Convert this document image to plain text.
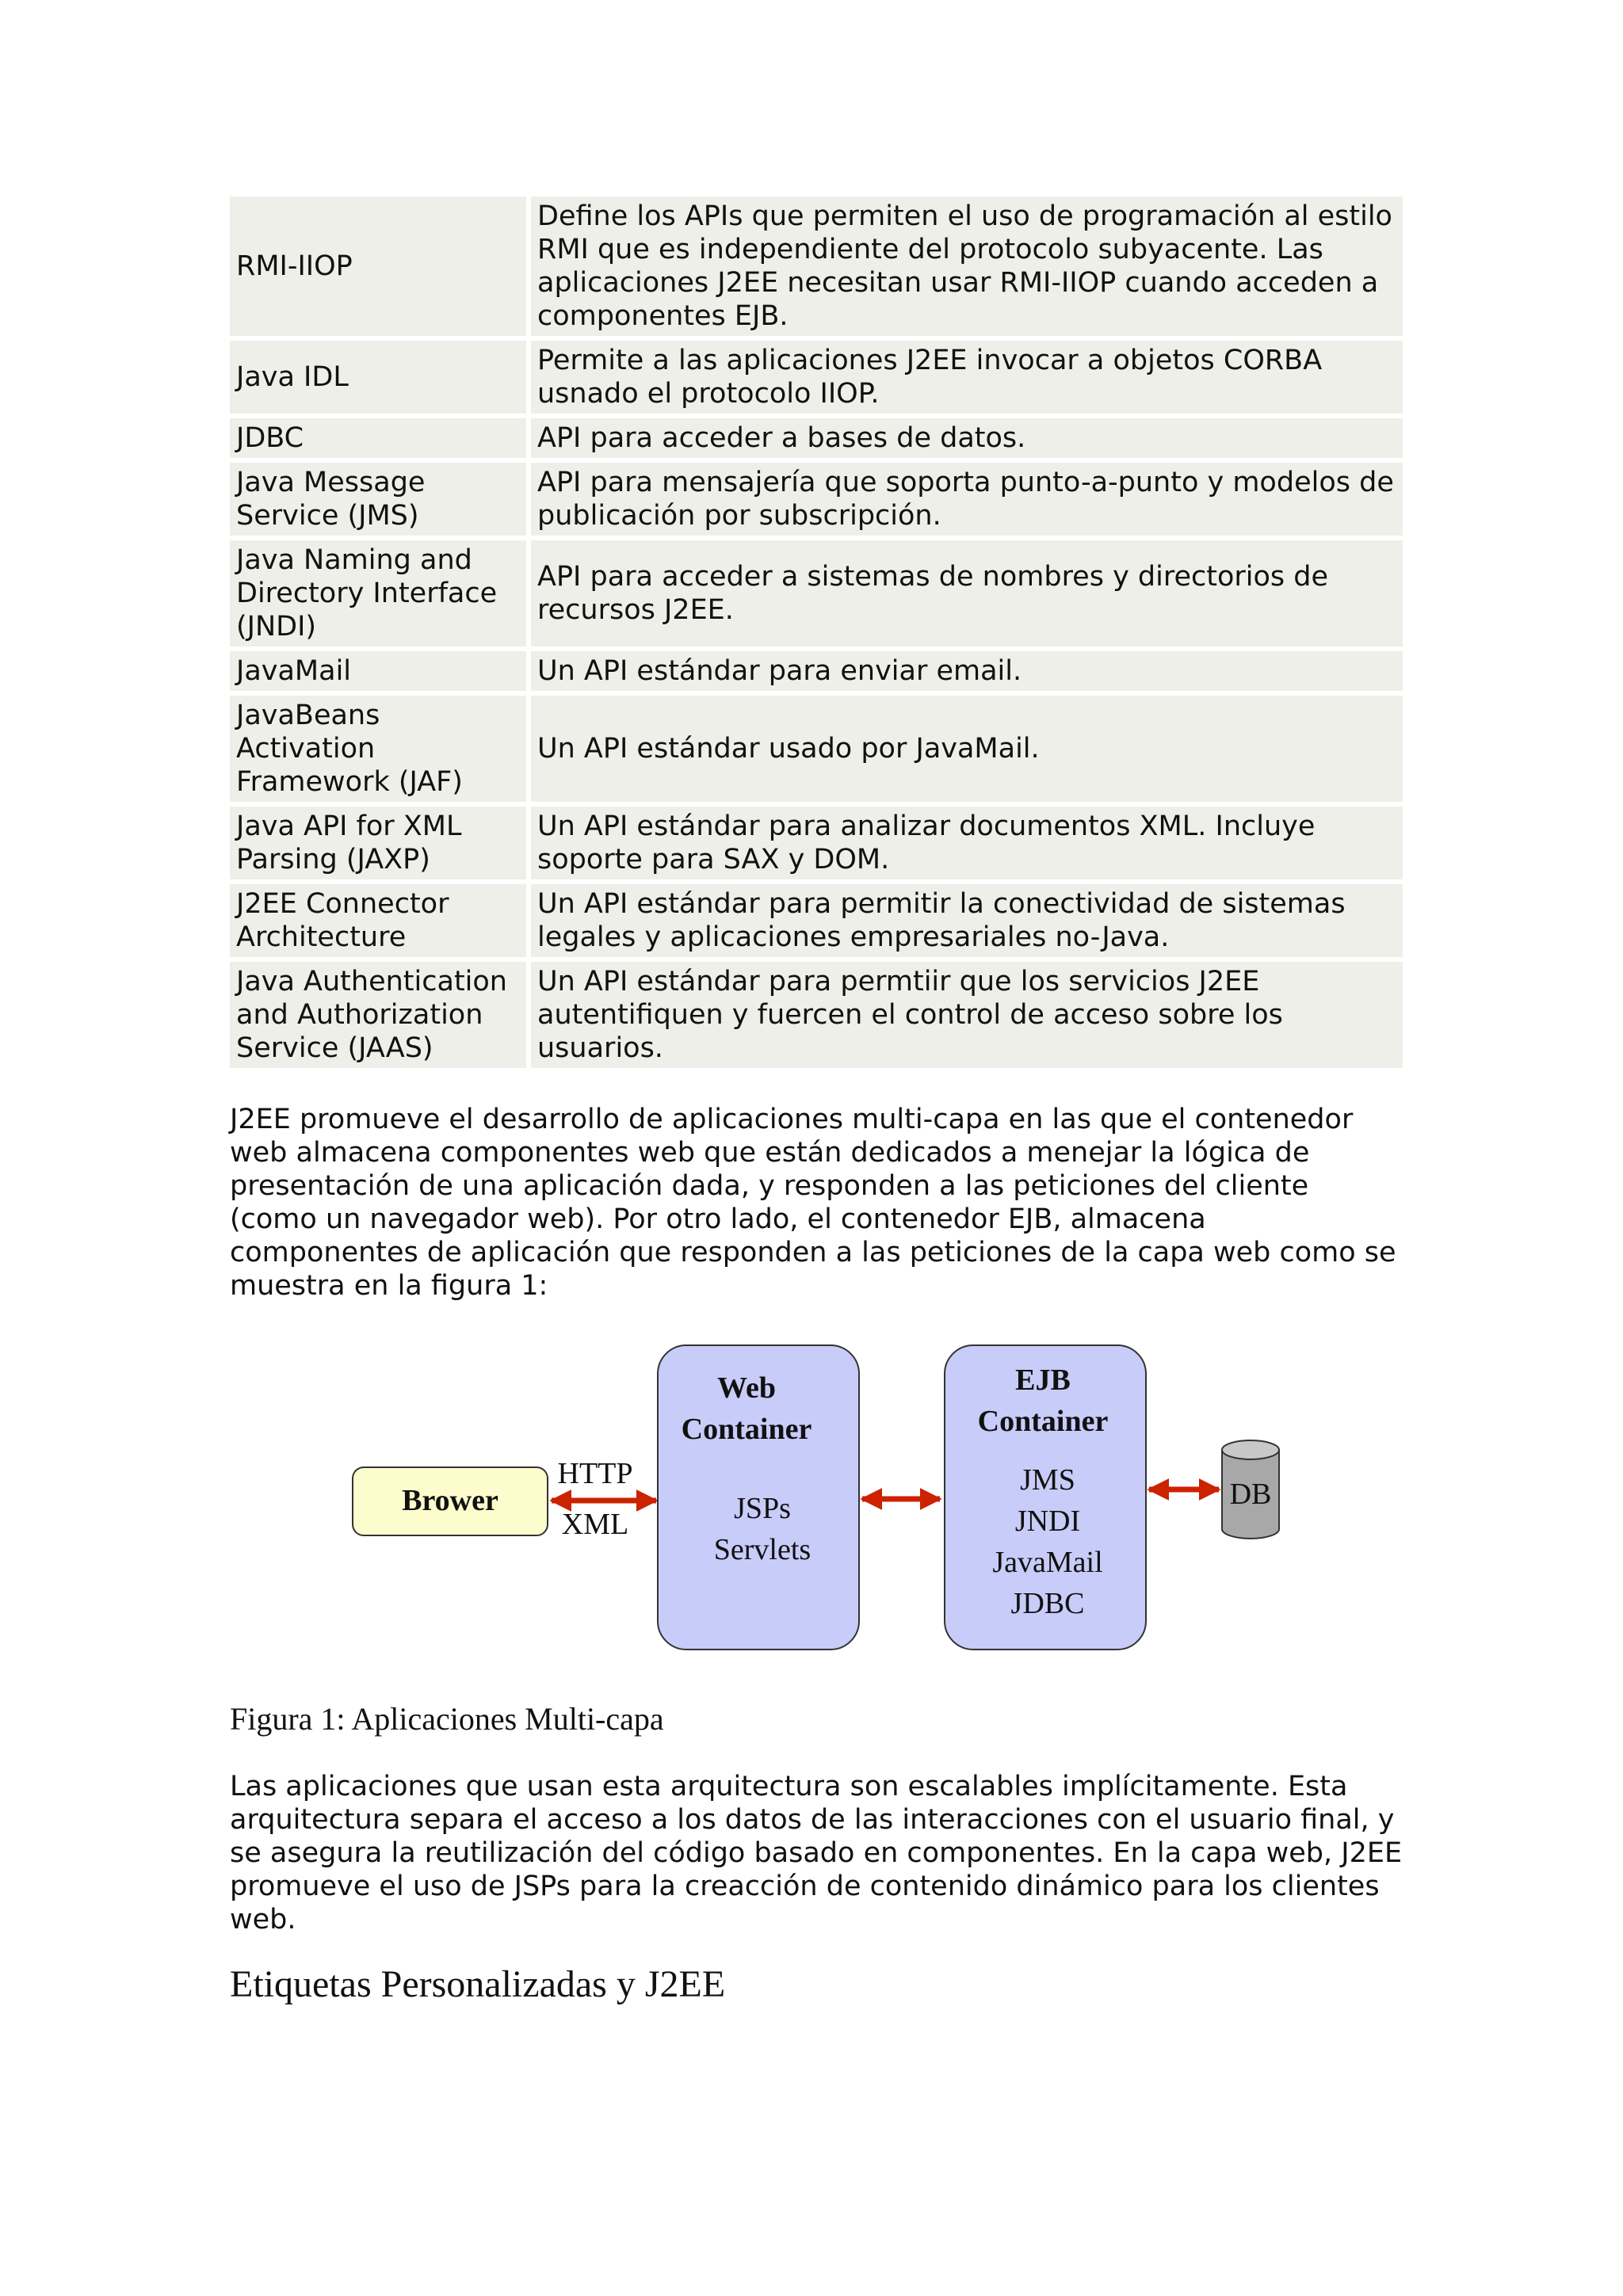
RMI-IIOP	Define los APIs que permiten el uso de programación al estilo RMI que es independiente del protocolo subyacente. Las aplicaciones J2EE necesitan usar RMI-IIOP cuando acceden a componentes EJB.
Java IDL	Permite a las aplicaciones J2EE invocar a objetos CORBA usnado el protocolo IIOP.
JDBC	API para acceder a bases de datos.
Java Message Service (JMS)	API para mensajería que soporta punto-a-punto y modelos de publicación por subscripción.
Java Naming and Directory Interface (JNDI)	API para acceder a sistemas de nombres y directorios de recursos J2EE.
JavaMail	Un API estándar para enviar email.
JavaBeans Activation Framework (JAF)	Un API estándar usado por JavaMail.
Java API for XML Parsing (JAXP)	Un API estándar para analizar documentos XML. Incluye soporte para SAX y DOM.
J2EE Connector Architecture	Un API estándar para permitir la conectividad de sistemas legales y aplicaciones empresariales no-Java.
Java Authentication and Authorization Service (JAAS)	Un API estándar para permtiir que los servicios J2EE autentifiquen y fuercen el control de acceso sobre los usuarios.

J2EE promueve el desarrollo de aplicaciones multi-capa en las que el contenedor web almacena componentes web que están dedicados a menejar la lógica de presentación de una aplicación dada, y responden a las peticiones del cliente (como un navegador web). Por otro lado, el contenedor EJB, almacena componentes de aplicación que responden a las peticiones de la capa web como se muestra en la figura 1:

Brower
HTTP
XML
Web
Container
JSPs
Servlets
EJB
Container
JMS
JNDI
JavaMail
JDBC
DB
Figura 1: Aplicaciones Multi-capa

Las aplicaciones que usan esta arquitectura son escalables implícitamente. Esta arquitectura separa el acceso a los datos de las interacciones con el usuario final, y se asegura la reutilización del código basado en componentes. En la capa web, J2EE promueve el uso de JSPs para la creacción de contenido dinámico para los clientes web.

Etiquetas Personalizadas y J2EE
